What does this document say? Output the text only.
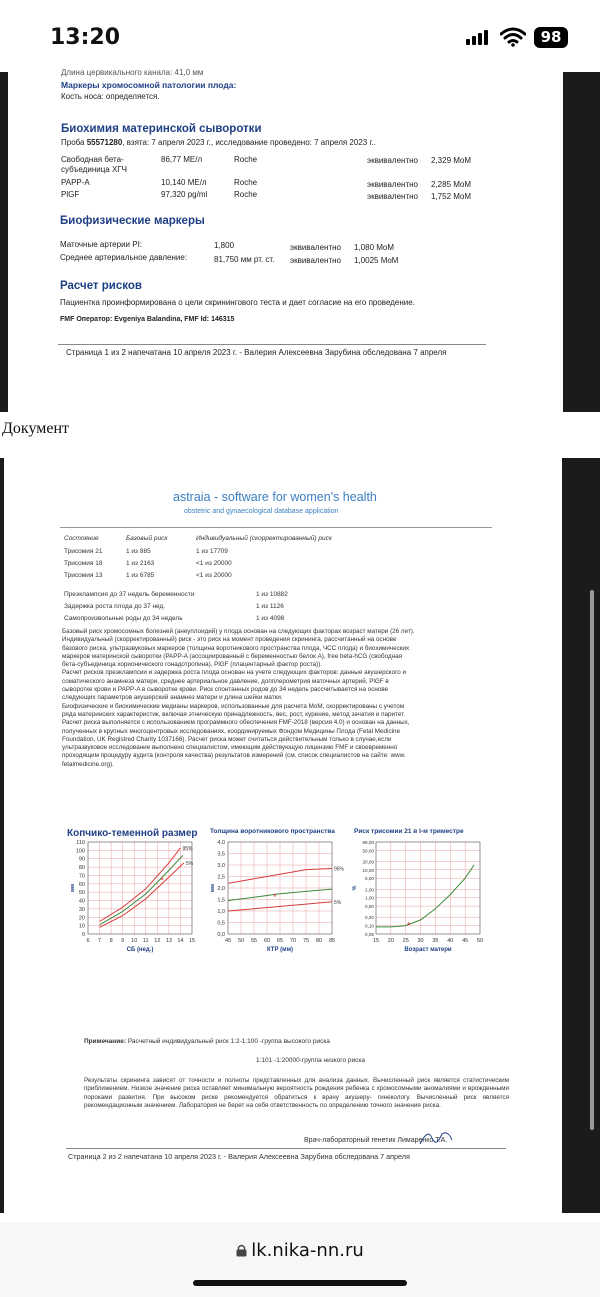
13:20	98
Длина цервикального канала: 41,0 мм
Маркеры хромосомной патологии плода:
Кость носа: определяется.
Биохимия материнской сыворотки
Проба 55571280, взята: 7 апреля 2023 г., исследование проведено: 7 апреля 2023 г..
Свободная бета-
субъединица ХГЧ
86,77 ME/л	Roche	эквивалентно 2,329 MoM
PAPP-A	10,140 ME/л	Roche	эквивалентно 2,285 MoM
PlGF	97,320 pg/ml	Roche	эквивалентно 1,752 MoM
Биофизические маркеры
Маточные артерии PI:	1,800	эквивалентно 1,080 MoM
Среднее артериальное давление:	81,750 мм рт. ст. эквивалентно 1,0025 MoM
Расчет рисков
Пациентка проинформирована о цели скринингового теста и дает согласие на его проведение.
FMF Оператор: Evgeniya Balandina, FMF Id: 146315
Страница 1 из 2 напечатана 10 апреля 2023 г. - Валерия Алексеевна Зарубина обследована 7 апреля
Документ
astraia - software for women's health
obstetric and gynaecological database application
Состояние	Базовый риск	Индивидуальный (скорректированный) риск
Трисомия 21	1 из 885	1 из 17709
Трисомия 18	1 из 2163	<1 из 20000
Трисомия 13	1 из 6785	<1 из 20000
Преэклампсия до 37 недель беременности	1 из 10882
Задержка роста плода до 37 нед.	1 из 1126
Самопроизвольные роды до 34 недель	1 из 4098
Базовый риск хромосомных болезней (анеуплоидий) у плода основан на следующих факторах возраст матери (26 лет).
Индивидуальный (скорректированный) риск - это риск на момент проведения скрининга, рассчитанный на основе
базового риска, ультразвуковых маркеров (толщина воротникового пространства плода, ЧСС плода) и биохимических
маркеров материнской сыворотки (PAPP-A (ассоциированный с беременностью белок А), free beta-hCG (свободная
бета-субъединица хорионического гонадотропина), PlGF (плацентарный фактор роста)).
Расчет рисков преэклампсии и задержка роста плода основан на учете следующих факторов: данные акушерского и
соматического анамнеза матери, среднее артериальное давление, допплерометрия маточных артерий, PlGF в
сыворотке крови и PAPP-A в сыворотке крови. Риск спонтанных родов до 34 недель рассчитывается на основе
следующих параметров акушерский анамнез матери и длина шейки матки.
Биофизические и биохимические медианы маркеров, использованные для расчета MoM, скорректированы с учетом
ряда материнских характеристик, включая этническую принадлежность, вес, рост, курение, метод зачатия и паритет.
Расчет риска выполняется с использованием программного обеспечения FMF-2018 (версия 4.0) и основан на данных,
полученных в крупных многоцентровых исследованиях, координируемых Фондом Медицины Плода (Fetal Medicine
Foundation, UK Registred Charity 1037166). Расчет риска может считаться действительным только в случае,если
ультразвуковое исследование выполнено специалистом, имеющим действующую лицензию FMF и своевременно
проходящим процедуру аудита (контроля качества) результатов измерений (см. список специалистов на сайте: www.
fetalmedicine.org).
Копчико-теменной размер Толщина воротникового пространства	Риск трисомии 21 в I-м триместре
0
10
20
30
40
50
60
70
80
90
100
110
6 7 8 9 10 11 12 13 14 15
95%
5%
*
СБ (нед.)
мм
0,0
0,5
1,0
1,5
2,0
2,5
3,0
3,5
4,0
45 50 55 60 65 70 75 80 85
95%
5%
*
КТР (мм)
мм
0,05
0,10
0,20
0,50
1,00
2,00
5,00
10,00
20,00
50,00
99,00
15 20 25 30 35 40 45 50
*
Возраст матери
%
Примечание: Расчетный индивидуальный риск 1:2-1:100 -группа высокого риска
1:101 -1:20000-группа низкого риска
Результаты скрининга зависят от точности и полноты представленных для анализа данных. Вычисленный риск является статистическим приближением. Низкое значение риска оставляет минимальную вероятность рождения ребенка с хромосомными аномалиями и врожденными пороками развития. При высоком риске рекомендуется обратиться к врачу акушеру- гинекологу. Вычисленный риск является рекомендационным значением. Лаборатория не берет на себя ответственность по определению точного значения риска.
Врач-лабораторный генетик Лимаренко Т.А.
Страница 2 из 2 напечатана 10 апреля 2023 г. - Валерия Алексеевна Зарубина обследована 7 апреля
lk.nika-nn.ru
